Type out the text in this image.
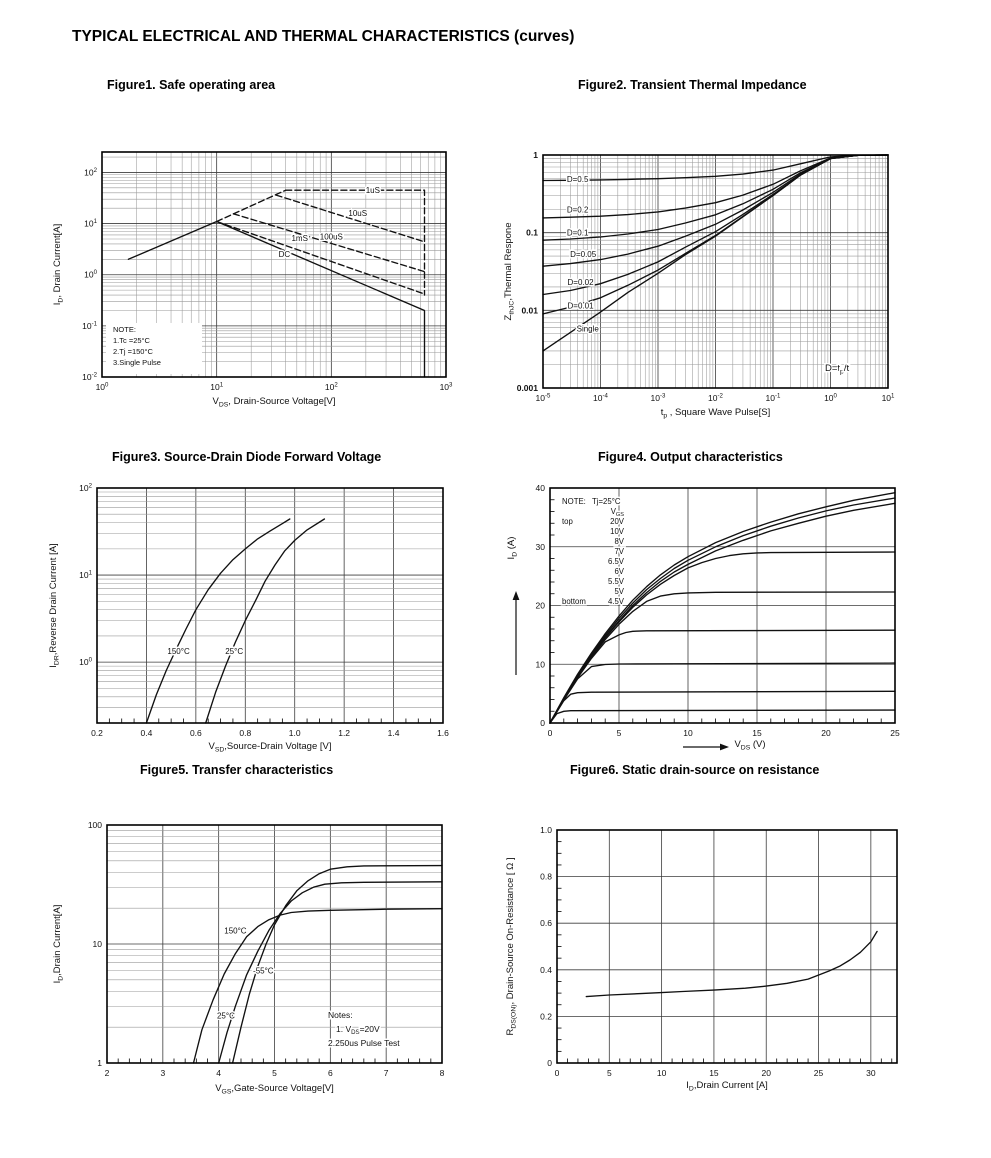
TYPICAL ELECTRICAL AND THERMAL CHARACTERISTICS (curves)
Figure1. Safe operating area	Figure2. Transient Thermal Impedance
Figure3. Source-Drain Diode Forward Voltage	Figure4. Output characteristics
Figure5. Transfer characteristics	Figure6. Static drain-source on resistance
1uS
10uS
100uS
1mS
DC
NOTE:
1.Tc =25°C
2.Tj =150°C
3.Single Pulse
$10^0$	$10^1$	$10^2$	$10^3$
$10^{-2}$
$10^{-1}$
$10^0$
$10^1$
$10^2$
$V_{DS}$, Drain-Source Voltage[V]
$I_D$, Drain Current[A]
D=0.5
D=0.2
D=0.1
D=0.05
D=0.02
D=0.01
Single
$D=t_p/t$
$10^{-5}$	$10^{-4}$	$10^{-3}$	$10^{-2}$	$10^{-1}$	$10^0$	$10^1$
0.001
0.01
0.1
1
$t_p$ , Square Wave Pulse[S]
$Z_{thJC},Thermal$ Respone
150°C	25°C
0.2	0.4	0.6	0.8	1.0	1.2	1.4	1.6
$10^0$
$10^1$
$10^2$
$V_{SD},Source$-Drain Voltage [V]
$I_{DR},Reverse$ Drain Current [A]
NOTE: Tj=25°C
$V_{GS}$
top	20V
10V
8V
7V
6.5V
6V
5.5V
5V
bottom	4.5V
0	5	10	15	20	25
0
10
20
30
40
$V_{DS}$ (V)
$I_D$ (A)
150°C
-55°C
25°C	Notes:
1. $V_{DS}=20V$
2.250us Pulse Test
2	3	4	5	6	7	8
1
10
100
$V_{GS},Gate$-Source Voltage[V]
$I_D,Drain$ Current[A]
0	5	10	15	20	25	30
0
0.2
0.4
0.6
0.8
1.0
$I_D,Drain$ Current [A]
$R_{DS(ON)}$, Drain-Source On-Resistance [ Ω ]
